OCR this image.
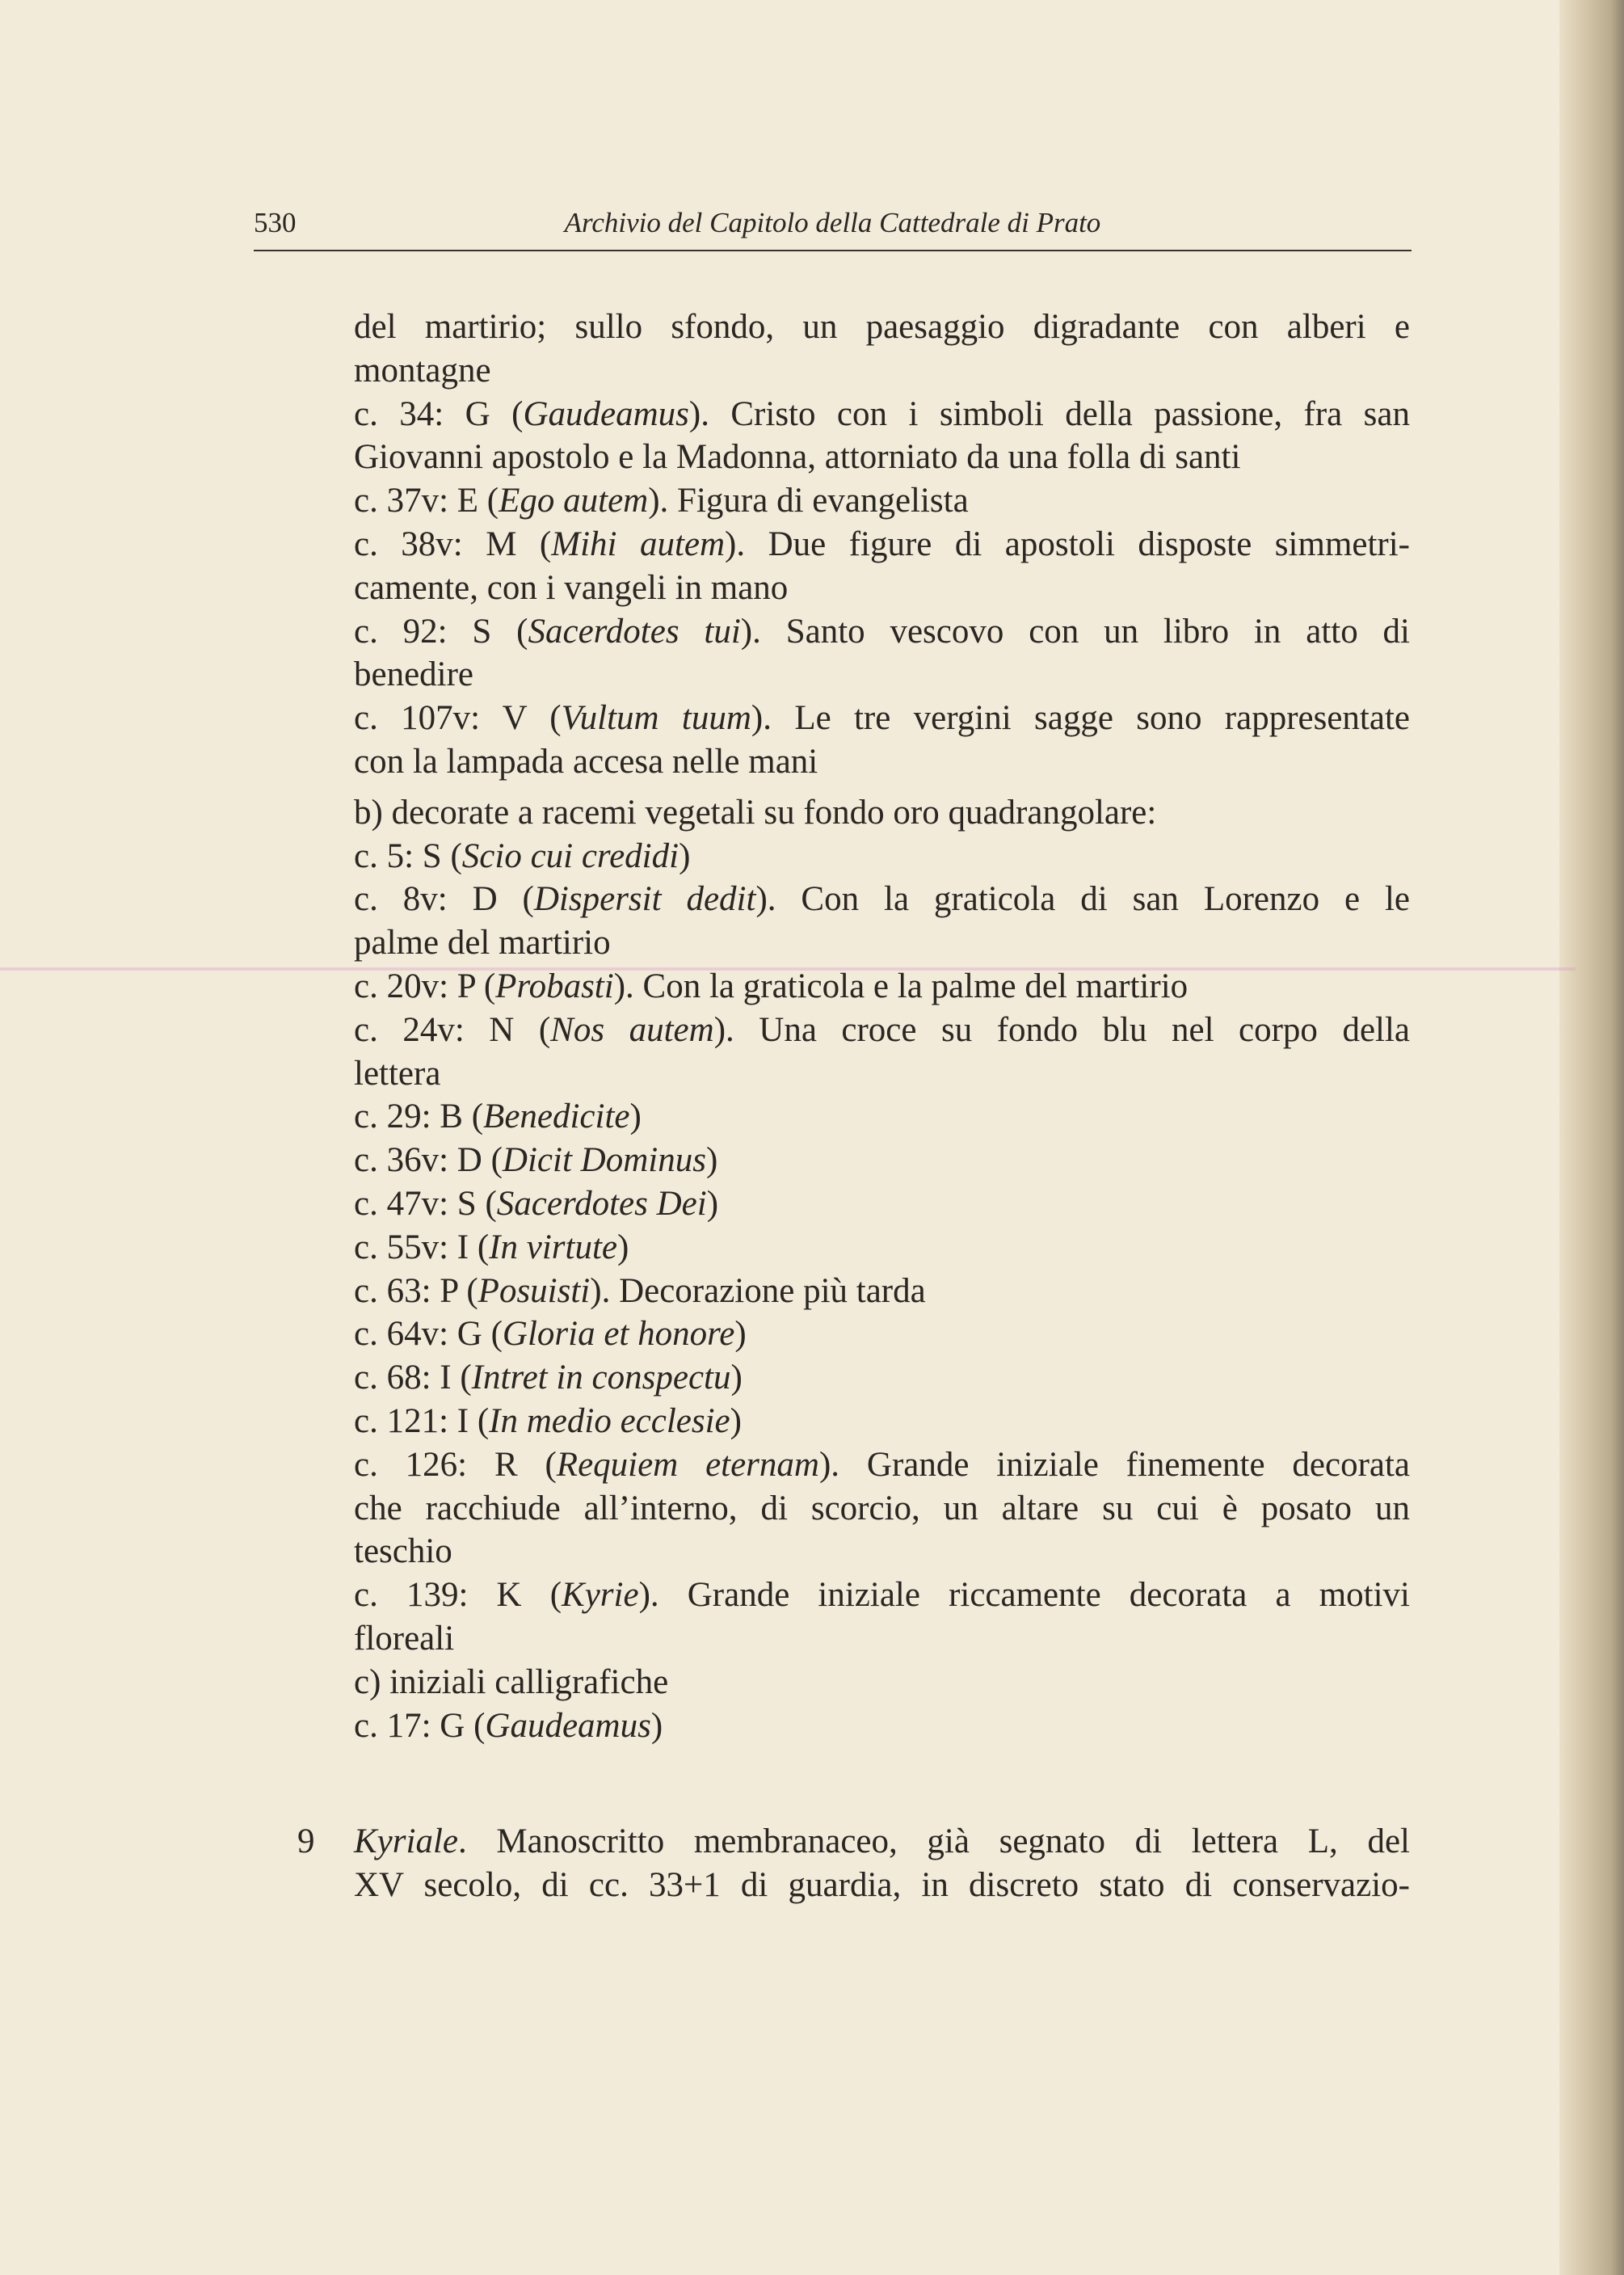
530	Archivio del Capitolo della Cattedrale di Prato
del martirio; sullo sfondo, un paesaggio digradante con alberi e
montagne
c. 34: G (Gaudeamus). Cristo con i simboli della passione, fra san
Giovanni apostolo e la Madonna, attorniato da una folla di santi
c. 37v: E (Ego autem). Figura di evangelista
c. 38v: M (Mihi autem). Due figure di apostoli disposte simmetri-
camente, con i vangeli in mano
c. 92: S (Sacerdotes tui). Santo vescovo con un libro in atto di
benedire
c. 107v: V (Vultum tuum). Le tre vergini sagge sono rappresentate
con la lampada accesa nelle mani
b) decorate a racemi vegetali su fondo oro quadrangolare:
c. 5: S (Scio cui credidi)
c. 8v: D (Dispersit dedit). Con la graticola di san Lorenzo e le
palme del martirio
c. 20v: P (Probasti). Con la graticola e la palme del martirio
c. 24v: N (Nos autem). Una croce su fondo blu nel corpo della
lettera
c. 29: B (Benedicite)
c. 36v: D (Dicit Dominus)
c. 47v: S (Sacerdotes Dei)
c. 55v: I (In virtute)
c. 63: P (Posuisti). Decorazione più tarda
c. 64v: G (Gloria et honore)
c. 68: I (Intret in conspectu)
c. 121: I (In medio ecclesie)
c. 126: R (Requiem eternam). Grande iniziale finemente decorata
che racchiude all’interno, di scorcio, un altare su cui è posato un
teschio
c. 139: K (Kyrie). Grande iniziale riccamente decorata a motivi
floreali
c) iniziali calligrafiche
c. 17: G (Gaudeamus)
9 Kyriale. Manoscritto membranaceo, già segnato di lettera L, del
XV secolo, di cc. 33+1 di guardia, in discreto stato di conservazio-
